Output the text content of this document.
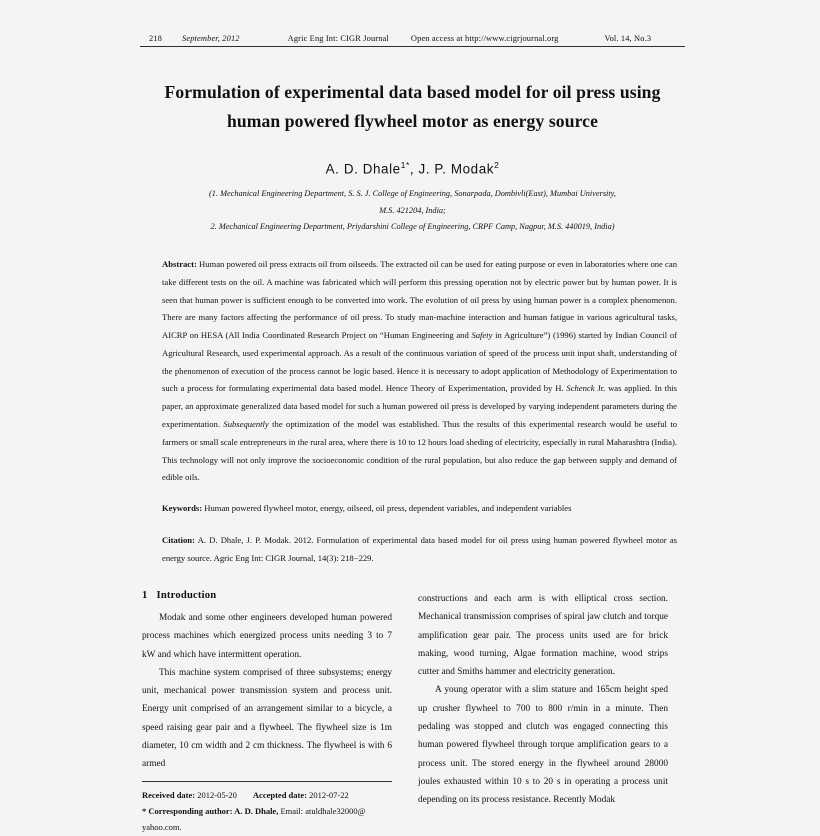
218 September, 2012	Agric Eng Int: CIGR Journal	Open access at http://www.cigrjournal.org	Vol. 14, No.3
Formulation of experimental data based model for oil press using
human powered flywheel motor as energy source
A. D. Dhale$^{1*}$, J. P. Modak$^2$
(1. Mechanical Engineering Department, S. S. J. College of Engineering, Sonarpada, Dombivli(East), Mumbai University,
M.S. 421204, India;
2. Mechanical Engineering Department, Priydarshini College of Engineering, CRPF Camp, Nagpur, M.S. 440019, India)
Abstract: Human powered oil press extracts oil from oilseeds. The extracted oil can be used for eating purpose or even in laboratories where one can take different tests on the oil. A machine was fabricated which will perform this pressing operation not by electric power but by human power. It is seen that human power is sufficient enough to be converted into work. The evolution of oil press by using human power is a complex phenomenon. There are many factors affecting the performance of oil press. To study man-machine interaction and human fatigue in various agricultural tasks, AICRP on HESA (All India Coordinated Research Project on “Human Engineering and Safety in Agriculture”) (1996) started by Indian Council of Agricultural Research, used experimental approach. As a result of the continuous variation of speed of the process unit input shaft, understanding of the phenomenon of execution of the process cannot be logic based. Hence it is necessary to adopt application of Methodology of Experimentation to such a process for formulating experimental data based model. Hence Theory of Experimentation, provided by H. Schenck Jr. was applied. In this paper, an approximate generalized data based model for such a human powered oil press is developed by varying independent parameters during the experimentation. Subsequently the optimization of the model was established. Thus the results of this experimental research would be useful to farmers or small scale entrepreneurs in the rural area, where there is 10 to 12 hours load sheding of electricity, especially in rural Maharashtra (India). This technology will not only improve the socioeconomic condition of the rural population, but also reduce the gap between supply and demand of edible oils.
Keywords: Human powered flywheel motor, energy, oilseed, oil press, dependent variables, and independent variables
Citation: A. D. Dhale, J. P. Modak. 2012. Formulation of experimental data based model for oil press using human powered flywheel motor as energy source. Agric Eng Int: CIGR Journal, 14(3): 218−229.
1 Introduction

Modak and some other engineers developed human powered process machines which energized process units needing 3 to 7 kW and which have intermittent operation.

This machine system comprised of three subsystems; energy unit, mechanical power transmission system and process unit. Energy unit comprised of an arrangement similar to a bicycle, a speed raising gear pair and a flywheel. The flywheel size is 1m diameter, 10 cm width and 2 cm thickness. The flywheel is with 6 armed

Received date: 2012-05-20 Accepted date: 2012-07-22
* Corresponding author: A. D. Dhale, Email: atuldhale32000@
yahoo.com.

constructions and each arm is with elliptical cross section. Mechanical transmission comprises of spiral jaw clutch and torque amplification gear pair. The process units used are for brick making, wood turning, Algae formation machine, wood strips cutter and Smiths hammer and electricity generation.

A young operator with a slim stature and 165cm height sped up crusher flywheel to 700 to 800 r/min in a minute. Then pedaling was stopped and clutch was engaged connecting this human powered flywheel through torque amplification gears to a process unit. The stored energy in the flywheel around 28000 joules exhausted within 10 s to 20 s in operating a process unit depending on its process resistance. Recently Modak
